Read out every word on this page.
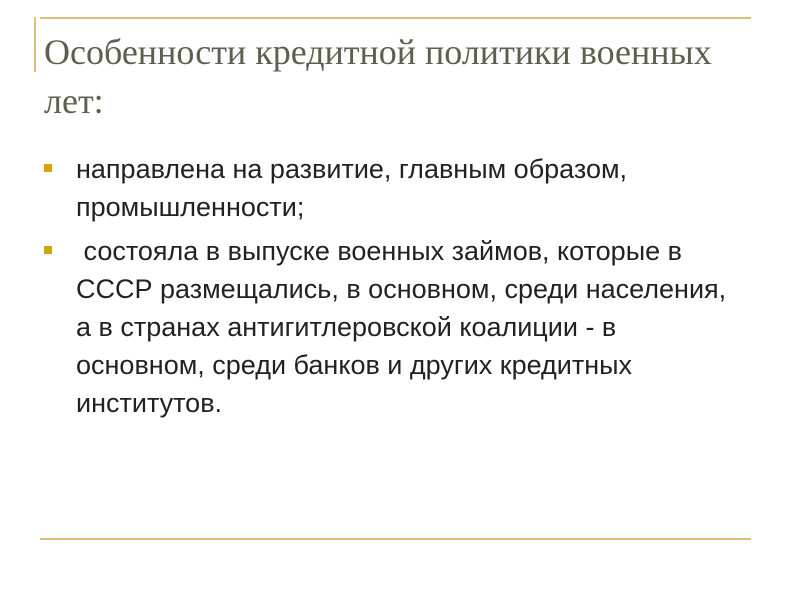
Особенности кредитной политики военных лет:
направлена на развитие, главным образом, промышленности;
состояла в выпуске военных займов, которые в СССР размещались, в основном, среди населения, а в странах антигитлеровской коалиции - в основном, среди банков и других кредитных институтов.
